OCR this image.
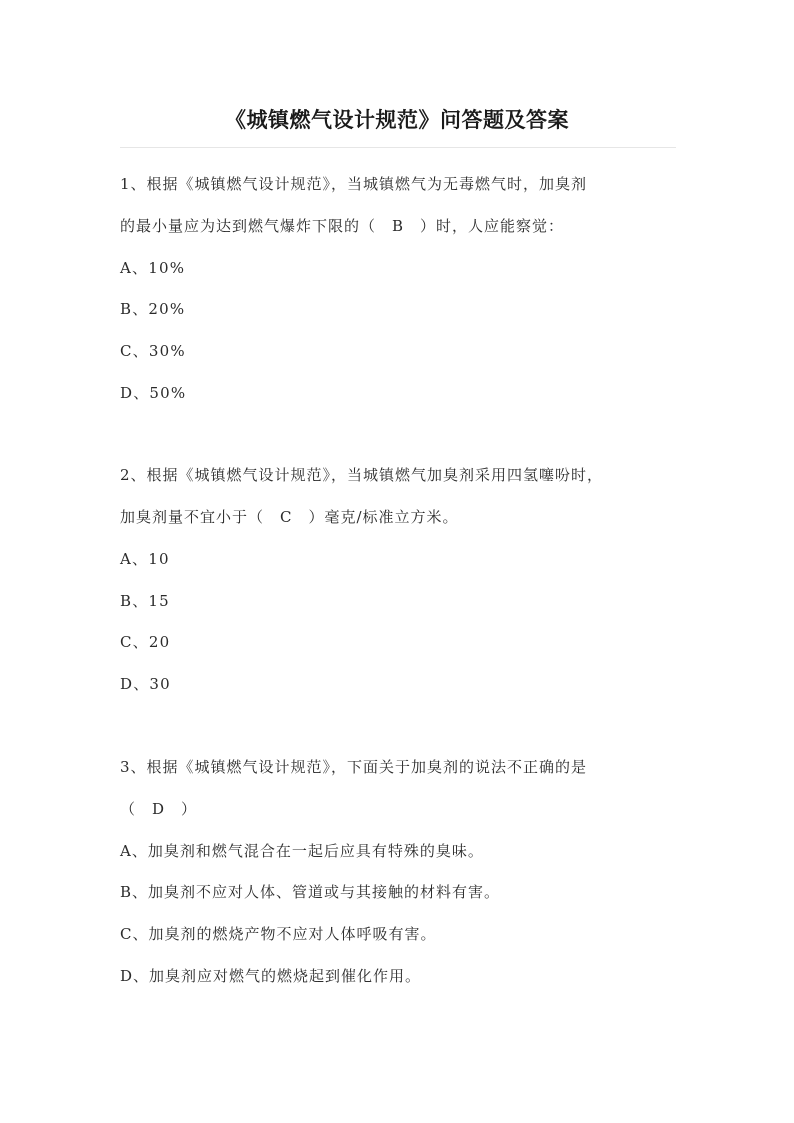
《城镇燃气设计规范》问答题及答案
1、根据《城镇燃气设计规范》，当城镇燃气为无毒燃气时，加臭剂
的最小量应为达到燃气爆炸下限的（　B　）时，人应能察觉：
A、10%
B、20%
C、30%
D、50%
2、根据《城镇燃气设计规范》，当城镇燃气加臭剂采用四氢噻吩时，
加臭剂量不宜小于（　C　）毫克/标准立方米。
A、10
B、15
C、20
D、30
3、根据《城镇燃气设计规范》，下面关于加臭剂的说法不正确的是
（　D　）
A、加臭剂和燃气混合在一起后应具有特殊的臭味。
B、加臭剂不应对人体、管道或与其接触的材料有害。
C、加臭剂的燃烧产物不应对人体呼吸有害。
D、加臭剂应对燃气的燃烧起到催化作用。
